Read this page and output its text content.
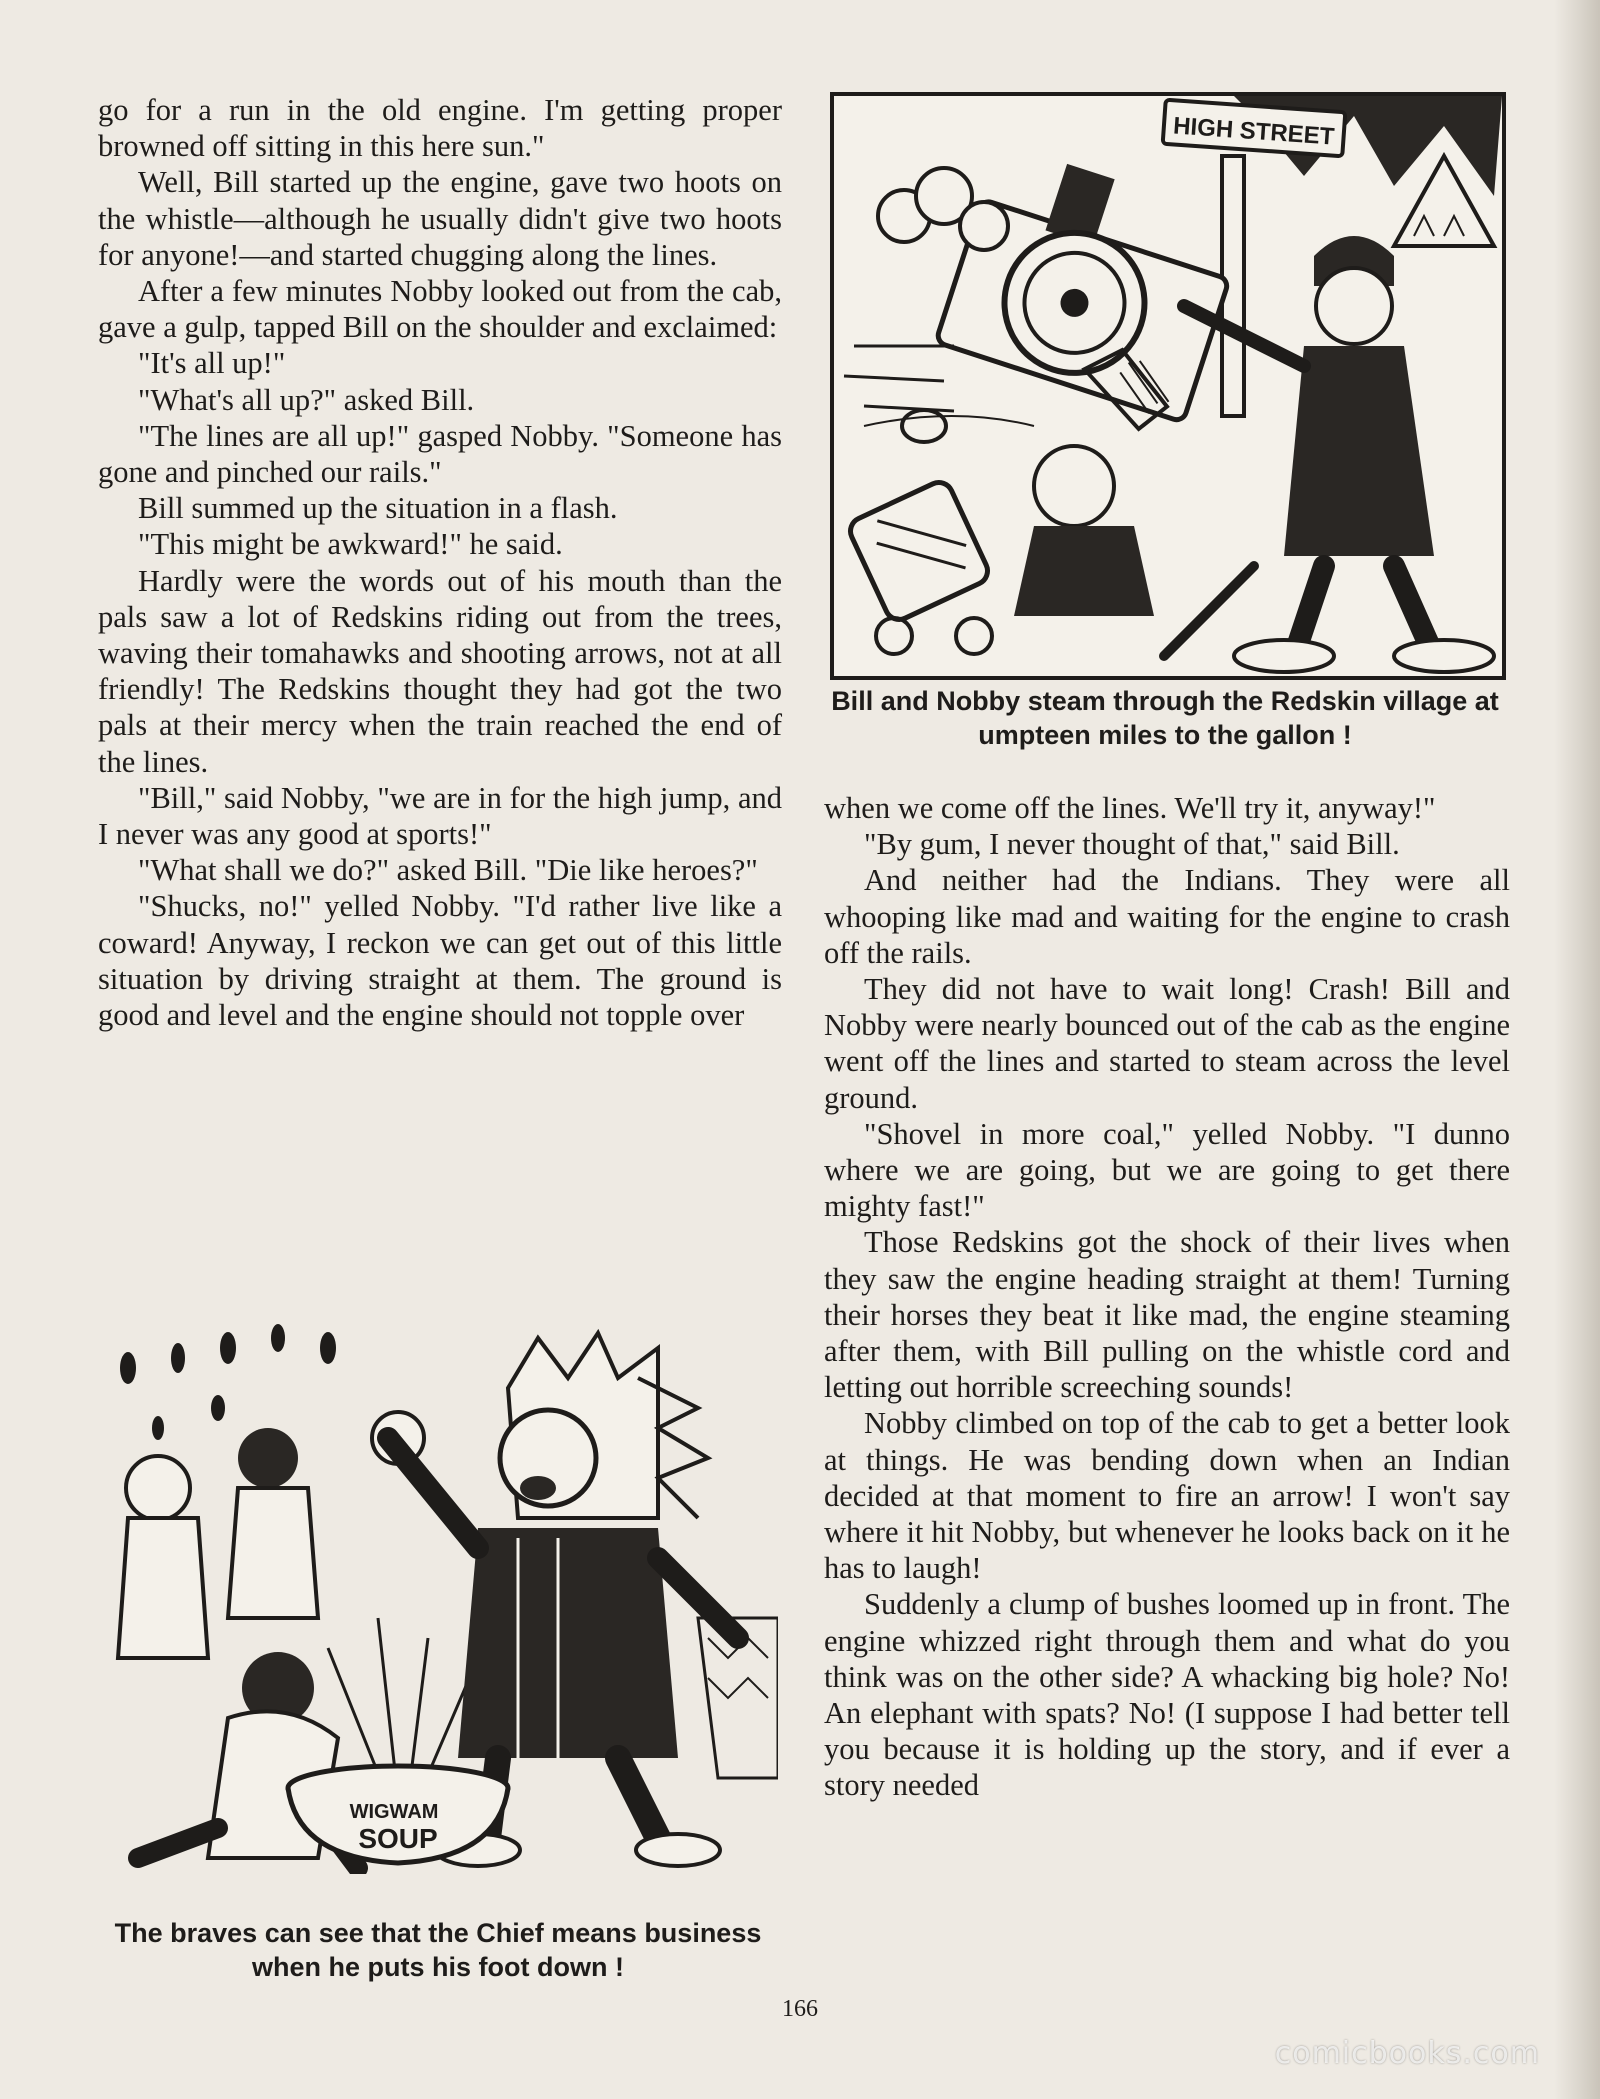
go for a run in the old engine. I'm getting proper browned off sitting in this here sun."

Well, Bill started up the engine, gave two hoots on the whistle—although he usually didn't give two hoots for anyone!—and started chugging along the lines.

After a few minutes Nobby looked out from the cab, gave a gulp, tapped Bill on the shoulder and exclaimed:

"It's all up!"

"What's all up?" asked Bill.

"The lines are all up!" gasped Nobby. "Someone has gone and pinched our rails."

Bill summed up the situation in a flash.

"This might be awkward!" he said.

Hardly were the words out of his mouth than the pals saw a lot of Redskins riding out from the trees, waving their tomahawks and shooting arrows, not at all friendly! The Redskins thought they had got the two pals at their mercy when the train reached the end of the lines.

"Bill," said Nobby, "we are in for the high jump, and I never was any good at sports!"

"What shall we do?" asked Bill. "Die like heroes?"

"Shucks, no!" yelled Nobby. "I'd rather live like a coward! Anyway, I reckon we can get out of this little situation by driving straight at them. The ground is good and level and the engine should not topple over

HIGH STREET
Bill and Nobby steam through the Redskin village at umpteen miles to the gallon !

when we come off the lines. We'll try it, anyway!"

"By gum, I never thought of that," said Bill.

And neither had the Indians. They were all whooping like mad and waiting for the engine to crash off the rails.

They did not have to wait long! Crash! Bill and Nobby were nearly bounced out of the cab as the engine went off the lines and started to steam across the level ground.

"Shovel in more coal," yelled Nobby. "I dunno where we are going, but we are going to get there mighty fast!"

Those Redskins got the shock of their lives when they saw the engine heading straight at them! Turning their horses they beat it like mad, the engine steaming after them, with Bill pulling on the whistle cord and letting out horrible screeching sounds!

Nobby climbed on top of the cab to get a better look at things. He was bending down when an Indian decided at that moment to fire an arrow! I won't say where it hit Nobby, but whenever he looks back on it he has to laugh!

Suddenly a clump of bushes loomed up in front. The engine whizzed right through them and what do you think was on the other side? A whacking big hole? No! An elephant with spats? No! (I suppose I had better tell you because it is holding up the story, and if ever a story needed

WIGWAM
SOUP
The braves can see that the Chief means business when he puts his foot down !
166
comicbooks.com
